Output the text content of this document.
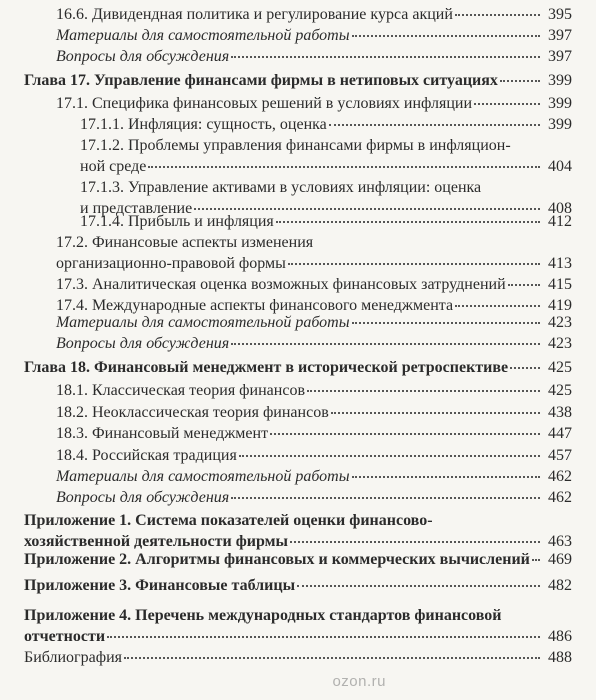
16.6. Дивидендная политика и регулирование курса акций	395
Материалы для самостоятельной работы	397
Вопросы для обсуждения	397
Глава 17. Управление финансами фирмы в нетиповых ситуациях	399
17.1. Специфика финансовых решений в условиях инфляции	399
17.1.1. Инфляция: сущность, оценка	399
17.1.2. Проблемы управления финансами фирмы в инфляцион-
ной среде	404
17.1.3. Управление активами в условиях инфляции: оценка
и представление	408
17.1.4. Прибыль и инфляция	412
17.2. Финансовые аспекты изменения
организационно-правовой формы	413
17.3. Аналитическая оценка возможных финансовых затруднений	415
17.4. Международные аспекты финансового менеджмента	419
Материалы для самостоятельной работы	423
Вопросы для обсуждения	423
Глава 18. Финансовый менеджмент в исторической ретроспективе	425
18.1. Классическая теория финансов	425
18.2. Неоклассическая теория финансов	438
18.3. Финансовый менеджмент	447
18.4. Российская традиция	457
Материалы для самостоятельной работы	462
Вопросы для обсуждения	462
Приложение 1. Система показателей оценки финансово-
хозяйственной деятельности фирмы	463
Приложение 2. Алгоритмы финансовых и коммерческих вычислений	469
Приложение 3. Финансовые таблицы	482
Приложение 4. Перечень международных стандартов финансовой
отчетности	486
Библиография	488
ozon.ru
